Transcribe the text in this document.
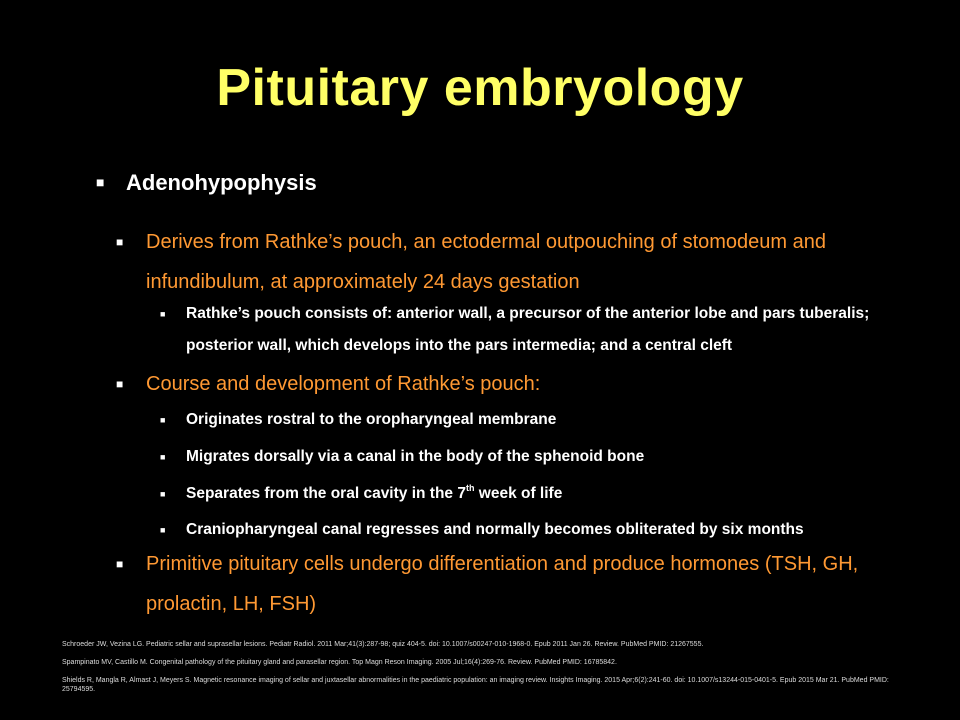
Pituitary embryology
■ Adenohypophysis
■	Derives from Rathke’s pouch, an ectodermal outpouching of stomodeum and infundibulum, at approximately 24 days gestation
■	Rathke’s pouch consists of: anterior wall, a precursor of the anterior lobe and pars tuberalis; posterior wall, which develops into the pars intermedia; and a central cleft
■	Course and development of Rathke’s pouch:
■	Originates rostral to the oropharyngeal membrane
■	Migrates dorsally via a canal in the body of the sphenoid bone
■	Separates from the oral cavity in the 7th week of life
■	Craniopharyngeal canal regresses and normally becomes obliterated by six months
■	Primitive pituitary cells undergo differentiation and produce hormones (TSH, GH, prolactin, LH, FSH)

Schroeder JW, Vezina LG. Pediatric sellar and suprasellar lesions. Pediatr Radiol. 2011 Mar;41(3):287-98; quiz 404-5. doi: 10.1007/s00247-010-1968-0. Epub 2011 Jan 26. Review. PubMed PMID: 21267555.

Spampinato MV, Castillo M. Congenital pathology of the pituitary gland and parasellar region. Top Magn Reson Imaging. 2005 Jul;16(4):269-76. Review. PubMed PMID: 16785842.

Shields R, Mangla R, Almast J, Meyers S. Magnetic resonance imaging of sellar and juxtasellar abnormalities in the paediatric population: an imaging review. Insights Imaging. 2015 Apr;6(2):241-60. doi: 10.1007/s13244-015-0401-5. Epub 2015 Mar 21. PubMed PMID: 25794595.
